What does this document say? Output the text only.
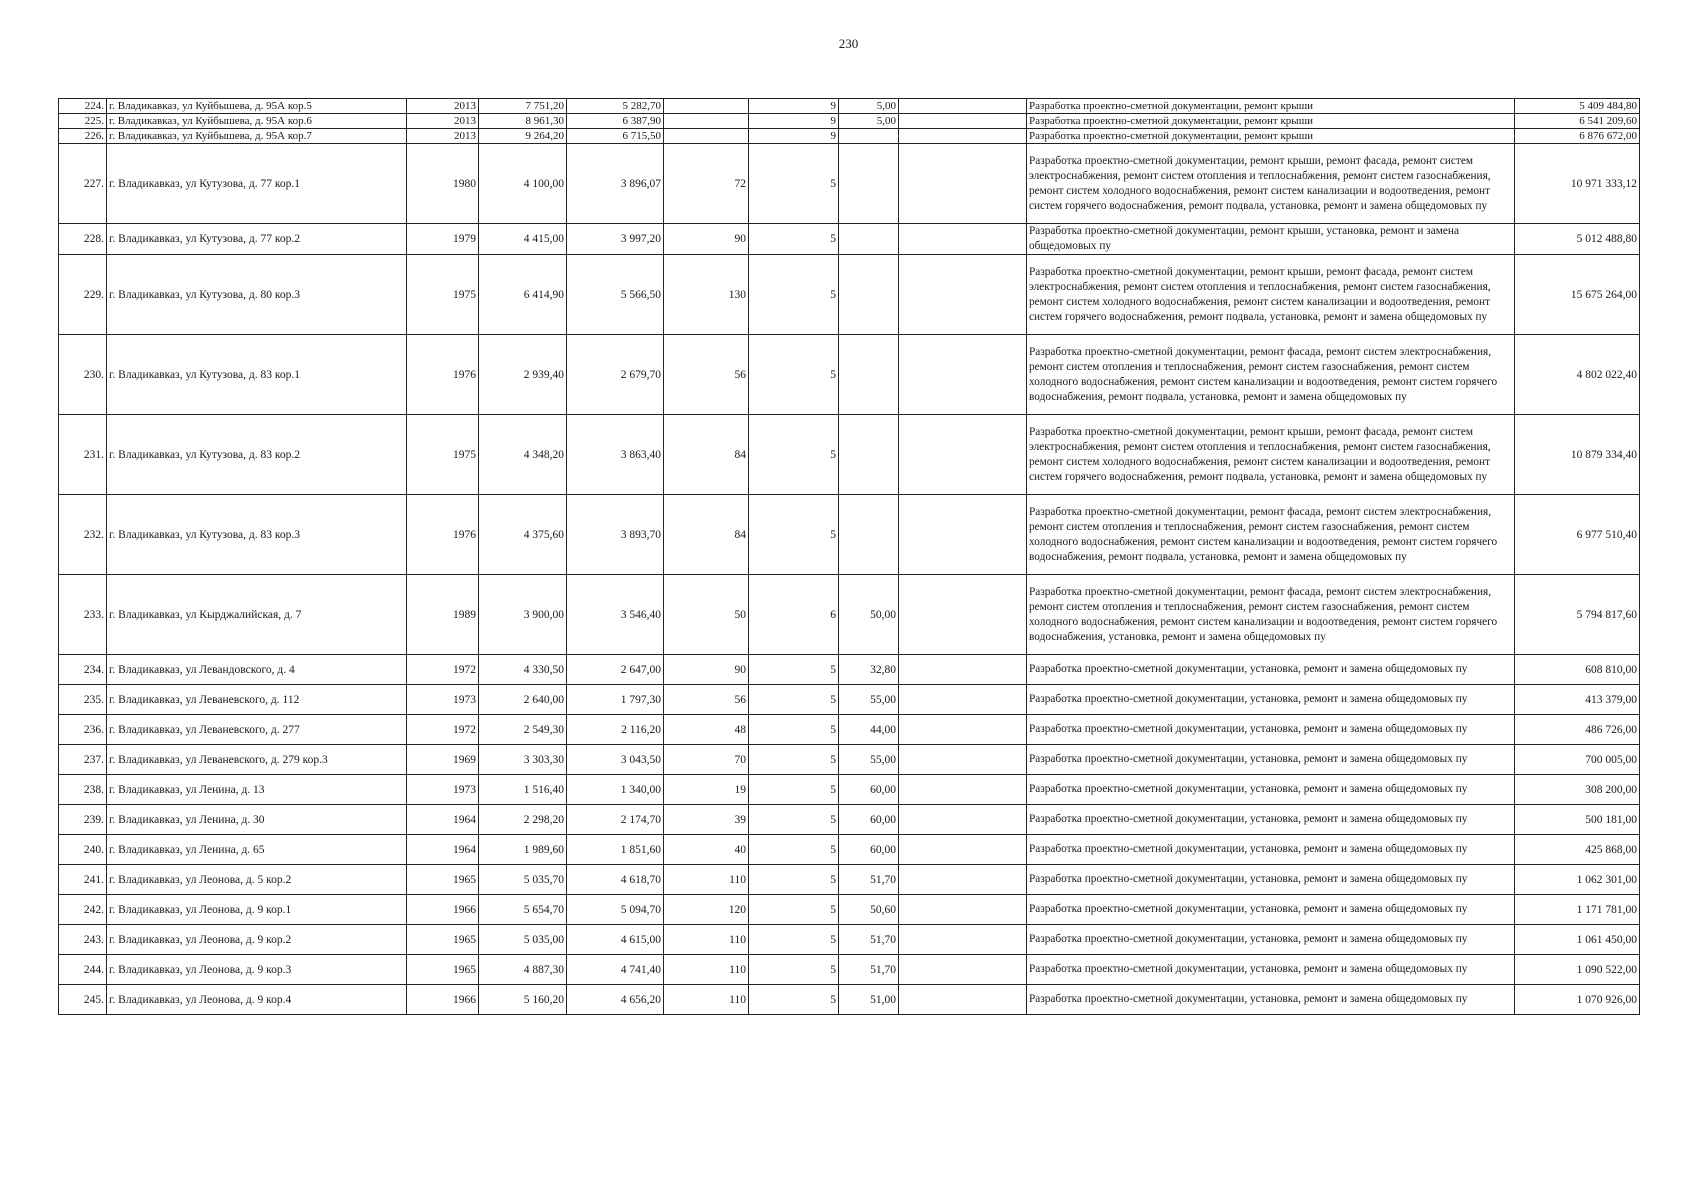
230
224.	г. Владикавказ, ул Куйбышева, д. 95А кор.5	2013	7 751,20	5 282,70		9	5,00		Разработка проектно-сметной документации, ремонт крыши	5 409 484,80
225.	г. Владикавказ, ул Куйбышева, д. 95А кор.6	2013	8 961,30	6 387,90		9	5,00		Разработка проектно-сметной документации, ремонт крыши	6 541 209,60
226.	г. Владикавказ, ул Куйбышева, д. 95А кор.7	2013	9 264,20	6 715,50		9			Разработка проектно-сметной документации, ремонт крыши	6 876 672,00
227.	г. Владикавказ, ул Кутузова, д. 77 кор.1	1980	4 100,00	3 896,07	72	5			Разработка проектно-сметной документации, ремонт крыши, ремонт фасада, ремонт систем электроснабжения, ремонт систем отопления и теплоснабжения, ремонт систем газоснабжения, ремонт систем холодного водоснабжения, ремонт систем канализации и водоотведения, ремонт систем горячего водоснабжения, ремонт подвала, установка, ремонт и замена общедомовых пу	10 971 333,12
228.	г. Владикавказ, ул Кутузова, д. 77 кор.2	1979	4 415,00	3 997,20	90	5			Разработка проектно-сметной документации, ремонт крыши, установка, ремонт и замена общедомовых пу	5 012 488,80
229.	г. Владикавказ, ул Кутузова, д. 80 кор.3	1975	6 414,90	5 566,50	130	5			Разработка проектно-сметной документации, ремонт крыши, ремонт фасада, ремонт систем электроснабжения, ремонт систем отопления и теплоснабжения, ремонт систем газоснабжения, ремонт систем холодного водоснабжения, ремонт систем канализации и водоотведения, ремонт систем горячего водоснабжения, ремонт подвала, установка, ремонт и замена общедомовых пу	15 675 264,00
230.	г. Владикавказ, ул Кутузова, д. 83 кор.1	1976	2 939,40	2 679,70	56	5			Разработка проектно-сметной документации, ремонт фасада, ремонт систем электроснабжения, ремонт систем отопления и теплоснабжения, ремонт систем газоснабжения, ремонт систем холодного водоснабжения, ремонт систем канализации и водоотведения, ремонт систем горячего водоснабжения, ремонт подвала, установка, ремонт и замена общедомовых пу	4 802 022,40
231.	г. Владикавказ, ул Кутузова, д. 83 кор.2	1975	4 348,20	3 863,40	84	5			Разработка проектно-сметной документации, ремонт крыши, ремонт фасада, ремонт систем электроснабжения, ремонт систем отопления и теплоснабжения, ремонт систем газоснабжения, ремонт систем холодного водоснабжения, ремонт систем канализации и водоотведения, ремонт систем горячего водоснабжения, ремонт подвала, установка, ремонт и замена общедомовых пу	10 879 334,40
232.	г. Владикавказ, ул Кутузова, д. 83 кор.3	1976	4 375,60	3 893,70	84	5			Разработка проектно-сметной документации, ремонт фасада, ремонт систем электроснабжения, ремонт систем отопления и теплоснабжения, ремонт систем газоснабжения, ремонт систем холодного водоснабжения, ремонт систем канализации и водоотведения, ремонт систем горячего водоснабжения, ремонт подвала, установка, ремонт и замена общедомовых пу	6 977 510,40
233.	г. Владикавказ, ул Кырджалийская, д. 7	1989	3 900,00	3 546,40	50	6	50,00		Разработка проектно-сметной документации, ремонт фасада, ремонт систем электроснабжения, ремонт систем отопления и теплоснабжения, ремонт систем газоснабжения, ремонт систем холодного водоснабжения, ремонт систем канализации и водоотведения, ремонт систем горячего водоснабжения, установка, ремонт и замена общедомовых пу	5 794 817,60
234.	г. Владикавказ, ул Левандовского, д. 4	1972	4 330,50	2 647,00	90	5	32,80		Разработка проектно-сметной документации, установка, ремонт и замена общедомовых пу	608 810,00
235.	г. Владикавказ, ул Леваневского, д. 112	1973	2 640,00	1 797,30	56	5	55,00		Разработка проектно-сметной документации, установка, ремонт и замена общедомовых пу	413 379,00
236.	г. Владикавказ, ул Леваневского, д. 277	1972	2 549,30	2 116,20	48	5	44,00		Разработка проектно-сметной документации, установка, ремонт и замена общедомовых пу	486 726,00
237.	г. Владикавказ, ул Леваневского, д. 279 кор.3	1969	3 303,30	3 043,50	70	5	55,00		Разработка проектно-сметной документации, установка, ремонт и замена общедомовых пу	700 005,00
238.	г. Владикавказ, ул Ленина, д. 13	1973	1 516,40	1 340,00	19	5	60,00		Разработка проектно-сметной документации, установка, ремонт и замена общедомовых пу	308 200,00
239.	г. Владикавказ, ул Ленина, д. 30	1964	2 298,20	2 174,70	39	5	60,00		Разработка проектно-сметной документации, установка, ремонт и замена общедомовых пу	500 181,00
240.	г. Владикавказ, ул Ленина, д. 65	1964	1 989,60	1 851,60	40	5	60,00		Разработка проектно-сметной документации, установка, ремонт и замена общедомовых пу	425 868,00
241.	г. Владикавказ, ул Леонова, д. 5 кор.2	1965	5 035,70	4 618,70	110	5	51,70		Разработка проектно-сметной документации, установка, ремонт и замена общедомовых пу	1 062 301,00
242.	г. Владикавказ, ул Леонова, д. 9 кор.1	1966	5 654,70	5 094,70	120	5	50,60		Разработка проектно-сметной документации, установка, ремонт и замена общедомовых пу	1 171 781,00
243.	г. Владикавказ, ул Леонова, д. 9 кор.2	1965	5 035,00	4 615,00	110	5	51,70		Разработка проектно-сметной документации, установка, ремонт и замена общедомовых пу	1 061 450,00
244.	г. Владикавказ, ул Леонова, д. 9 кор.3	1965	4 887,30	4 741,40	110	5	51,70		Разработка проектно-сметной документации, установка, ремонт и замена общедомовых пу	1 090 522,00
245.	г. Владикавказ, ул Леонова, д. 9 кор.4	1966	5 160,20	4 656,20	110	5	51,00		Разработка проектно-сметной документации, установка, ремонт и замена общедомовых пу	1 070 926,00
